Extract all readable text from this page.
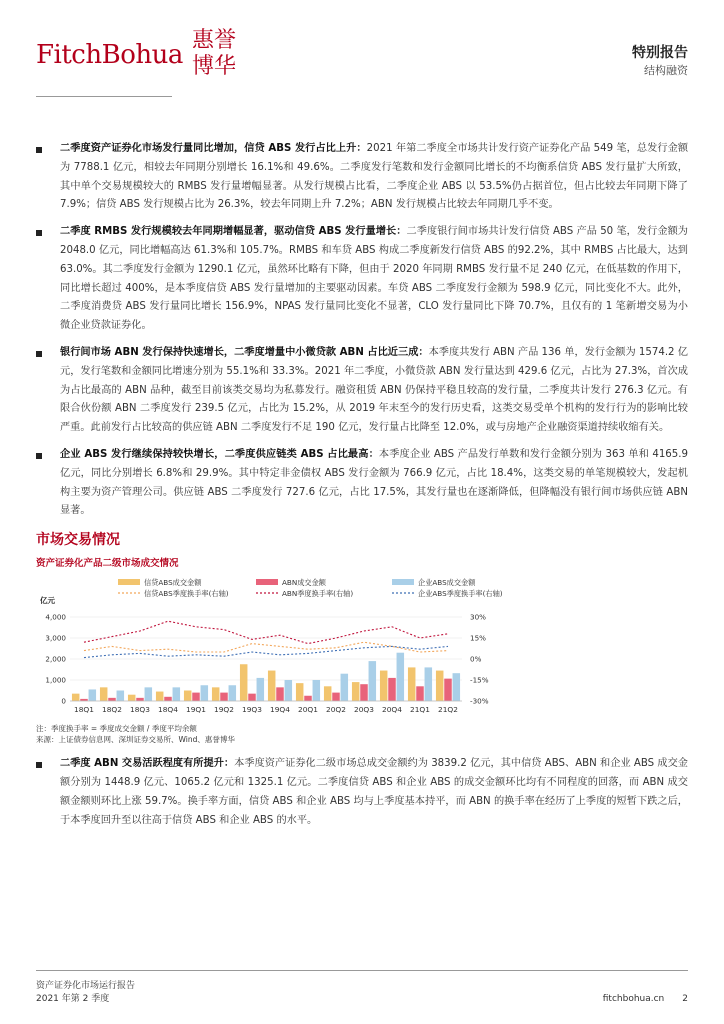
FitchBohua 惠誉
博华
特别报告
结构融资
二季度资产证券化市场发行量同比增加，信贷 ABS 发行占比上升：2021 年第二季度全市场共计发行资产证券化产品 549 笔，总发行金额为 7788.1 亿元，相较去年同期分别增长 16.1%和 49.6%。二季度发行笔数和发行金额同比增长的不均衡系信贷 ABS 发行量扩大所致，其中单个交易规模较大的 RMBS 发行量增幅显著。从发行规模占比看，二季度企业 ABS 以 53.5%仍占据首位，但占比较去年同期下降了 7.9%；信贷 ABS 发行规模占比为 26.3%，较去年同期上升 7.2%；ABN 发行规模占比较去年同期几乎不变。
二季度 RMBS 发行规模较去年同期增幅显著，驱动信贷 ABS 发行量增长：二季度银行间市场共计发行信贷 ABS 产品 50 笔，发行金额为 2048.0 亿元，同比增幅高达 61.3%和 105.7%。RMBS 和车贷 ABS 构成二季度新发行信贷 ABS 的92.2%，其中 RMBS 占比最大，达到 63.0%。其二季度发行金额为 1290.1 亿元，虽然环比略有下降，但由于 2020 年同期 RMBS 发行量不足 240 亿元，在低基数的作用下，同比增长超过 400%，是本季度信贷 ABS 发行量增加的主要驱动因素。车贷 ABS 二季度发行金额为 598.9 亿元，同比变化不大。此外，二季度消费贷 ABS 发行量同比增长 156.9%，NPAS 发行量同比变化不显著，CLO 发行量同比下降 70.7%，且仅有的 1 笔新增交易为小微企业贷款证券化。
银行间市场 ABN 发行保持快速增长，二季度增量中小微贷款 ABN 占比近三成：本季度共发行 ABN 产品 136 单，发行金额为 1574.2 亿元，发行笔数和金额同比增速分别为 55.1%和 33.3%。2021 年二季度，小微贷款 ABN 发行量达到 429.6 亿元，占比为 27.3%，首次成为占比最高的 ABN 品种，截至目前该类交易均为私募发行。融资租赁 ABN 仍保持平稳且较高的发行量，二季度共计发行 276.3 亿元。有限合伙份额 ABN 二季度发行 239.5 亿元，占比为 15.2%，从 2019 年末至今的发行历史看，这类交易受单个机构的发行行为的影响比较严重。此前发行占比较高的供应链 ABN 二季度发行不足 190 亿元，发行量占比降至 12.0%，或与房地产企业融资渠道持续收缩有关。
企业 ABS 发行继续保持较快增长，二季度供应链类 ABS 占比最高：本季度企业 ABS 产品发行单数和发行金额分别为 363 单和 4165.9 亿元，同比分别增长 6.8%和 29.9%。其中特定非金债权 ABS 发行金额为 766.9 亿元，占比 18.4%，这类交易的单笔规模较大，发起机构主要为资产管理公司。供应链 ABS 二季度发行 727.6 亿元，占比 17.5%，其发行量也在逐渐降低，但降幅没有银行间市场供应链 ABN 显著。
市场交易情况
资产证券化产品二级市场成交情况
信贷ABS成交金额	ABN成交金额	企业ABS成交金额
信贷ABS季度换手率(右轴)	ABN季度换手率(右轴)	企业ABS季度换手率(右轴)
亿元
0
1,000
2,000
3,000
4,000
-30%
-15%
0%
15%
30%
18Q1 18Q2 18Q3 18Q4 19Q1 19Q2 19Q3 19Q4 20Q1 20Q2 20Q3 20Q4 21Q1 21Q2
注：季度换手率 = 季度成交金额 / 季度平均余额
来源：上证债券信息网、深圳证券交易所、Wind、惠誉博华
二季度 ABN 交易活跃程度有所提升：本季度资产证券化二级市场总成交金额约为 3839.2 亿元，其中信贷 ABS、ABN 和企业 ABS 成交金额分别为 1448.9 亿元、1065.2 亿元和 1325.1 亿元。二季度信贷 ABS 和企业 ABS 的成交金额环比均有不同程度的回落，而 ABN 成交额金额则环比上涨 59.7%。换手率方面，信贷 ABS 和企业 ABS 均与上季度基本持平，而 ABN 的换手率在经历了上季度的短暂下跌之后，于本季度回升至以往高于信贷 ABS 和企业 ABS 的水平。
资产证券化市场运行报告
2021 年第 2 季度	fitchbohua.cn 2
